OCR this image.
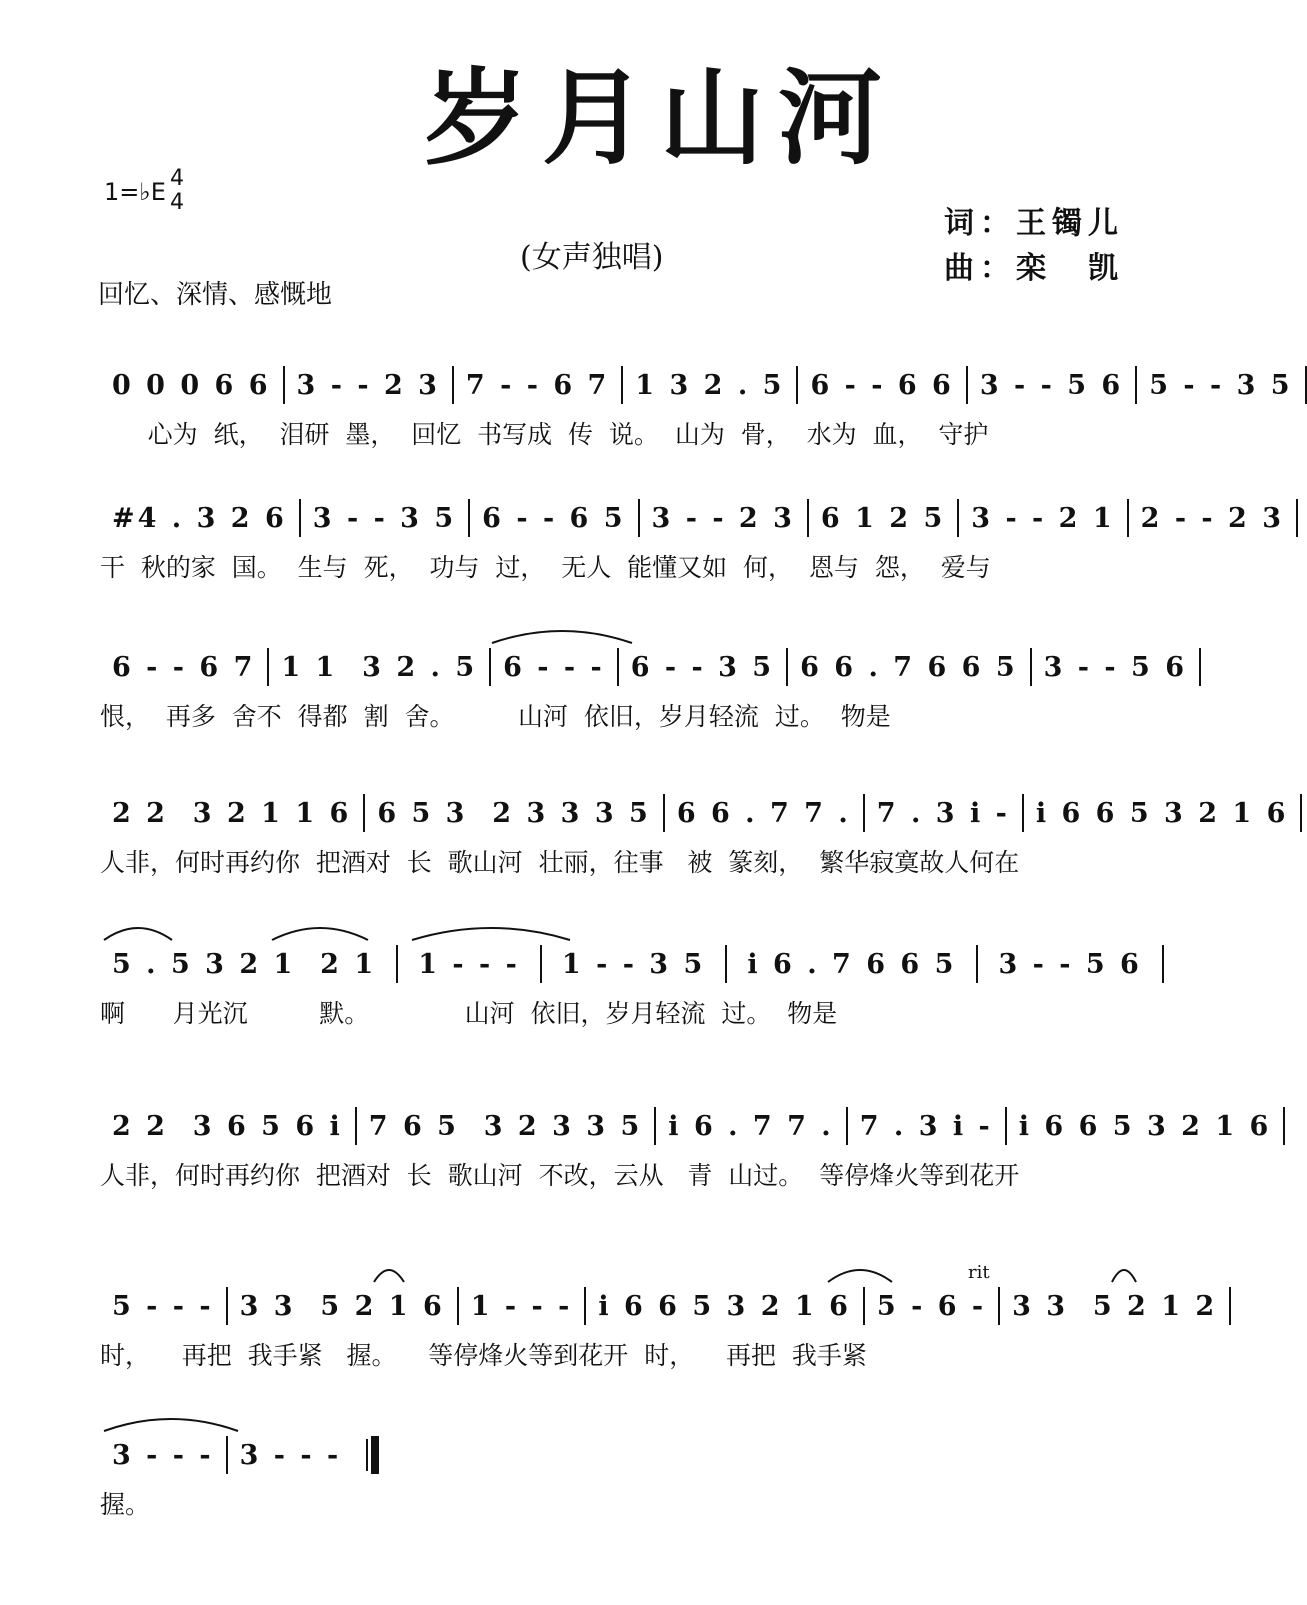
岁月山河
1=♭E 4
4
(女声独唱)
词：王镯儿
曲：栾　凯
回忆、深情、感慨地
0 0 0 6 6 3 - - 2 3 7 - - 6 7 1 3 2 . 5 6 - - 6 6 3 - - 5 6 5 - - 3 5
心为  纸，  泪研  墨，  回忆  书写成  传  说。  山为  骨，  水为  血，  守护
#4 . 3 2 6 3 - - 3 5 6 - - 6 5 3 - - 2 3 6 1 2 5 3 - - 2 1 2 - - 2 3
干  秋的家  国。  生与  死，  功与  过，  无人  能懂又如  何，  恩与  怨，  爱与
6 - - 6 7 1 1  3 2 . 5 6 - - - 6 - - 3 5 6 6 . 7 6 6 5 3 - - 5 6
恨，  再多  舍不  得都  割  舍。        山河  依旧，岁月轻流  过。  物是
2 2  3 2 1 1 6 6 5 3  2 3 3 3 5 6 6 . 7 7 . 7 . 3 i - i 6 6 5 3 2 1 6
人非，何时再约你  把酒对  长  歌山河  壮丽，往事   被  篆刻，  繁华寂寞故人何在
5 . 5 3 2 1  2 1	1 - - -	1 - - 3 5	i 6 . 7 6 6 5	3 - - 5 6
啊      月光沉         默。            山河  依旧，岁月轻流  过。  物是
2 2  3 6 5 6 i 7 6 5  3 2 3 3 5 i 6 . 7 7 . 7 . 3 i - i 6 6 5 3 2 1 6
人非，何时再约你  把酒对  长  歌山河  不改，云从   青  山过。  等停烽火等到花开
5 - - - 3 3  5 2 1 6 1 - - - i 6 6 5 3 2 1 6 5 - 6 - 3 3  5 2 1 2
时，    再把  我手紧   握。    等停烽火等到花开  时，    再把  我手紧
3 - - - 3 - - -
握。
rit
